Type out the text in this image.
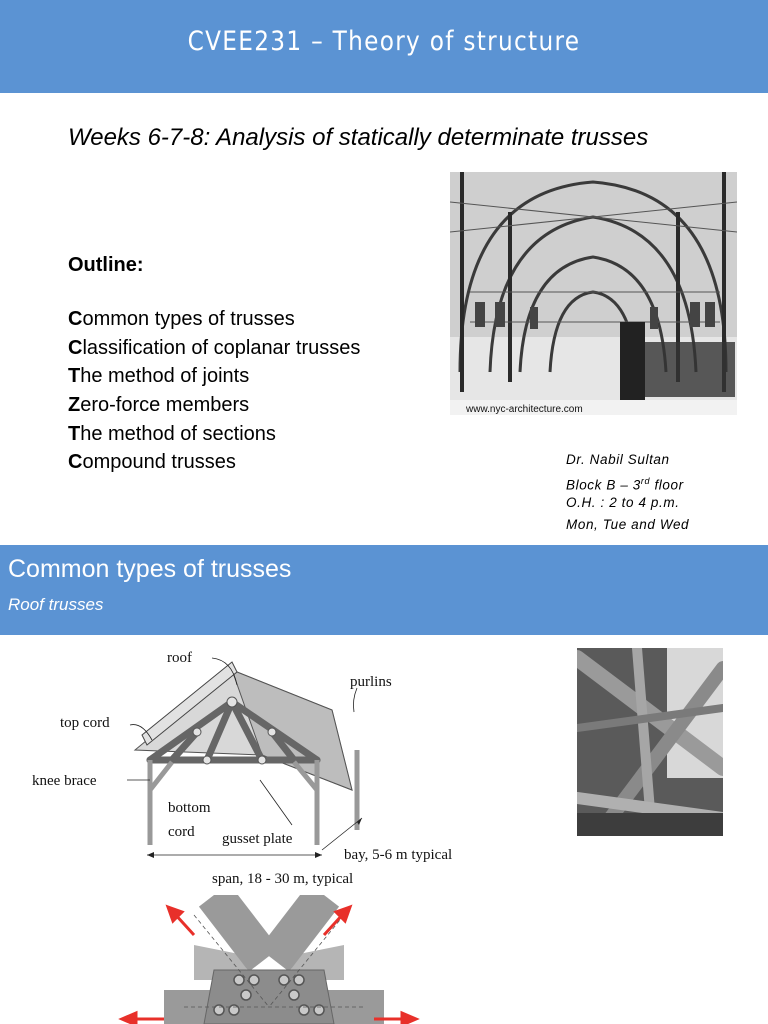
CVEE231 – Theory of structure
Weeks 6-7-8: Analysis of statically determinate trusses
www.nyc-architecture.com
Outline:
Common types of trusses
Classification of coplanar trusses
The method of joints
Zero-force members
The method of sections
Compound trusses	Dr. Nabil Sultan
Block B – 3rd floor
O.H. : 2 to 4 p.m.
Mon, Tue and Wed
Common types of trusses
Roof trusses
roof
purlins
top cord
knee brace
bottom
cord gusset plate
bay, 5-6 m typical
span, 18 - 30 m, typical
